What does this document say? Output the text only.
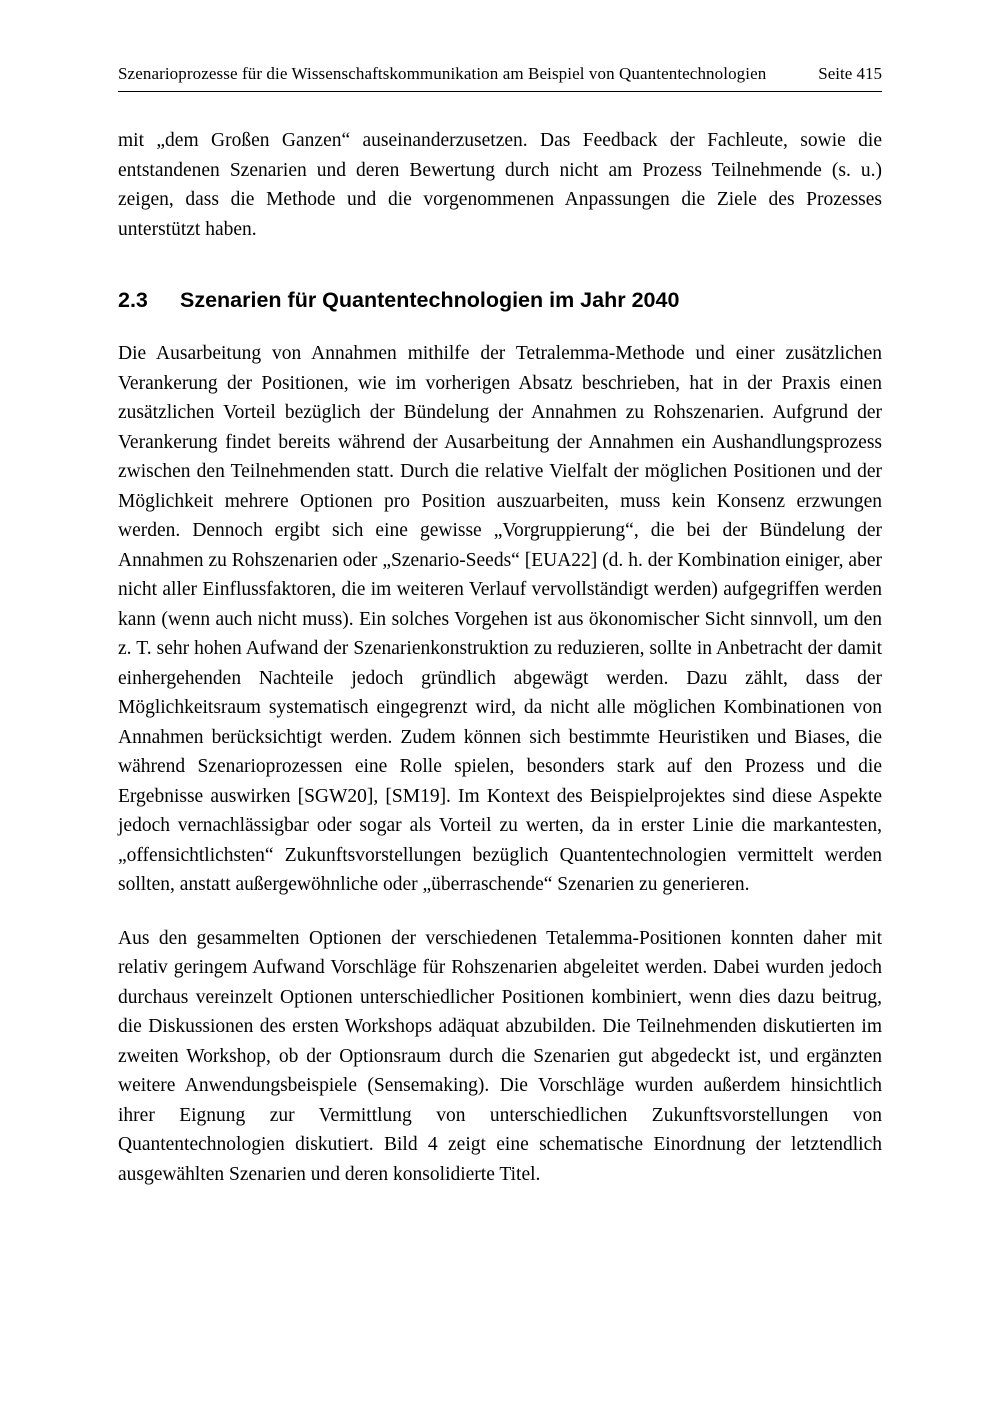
Szenarioprozesse für die Wissenschaftskommunikation am Beispiel von Quantentechnologien	Seite 415

mit „dem Großen Ganzen“ auseinanderzusetzen. Das Feedback der Fachleute, sowie die entstandenen Szenarien und deren Bewertung durch nicht am Prozess Teilnehmende (s. u.) zeigen, dass die Methode und die vorgenommenen Anpassungen die Ziele des Prozesses unterstützt haben.

2.3	Szenarien für Quantentechnologien im Jahr 2040

Die Ausarbeitung von Annahmen mithilfe der Tetralemma-Methode und einer zusätzlichen Verankerung der Positionen, wie im vorherigen Absatz beschrieben, hat in der Praxis einen zusätzlichen Vorteil bezüglich der Bündelung der Annahmen zu Rohszenarien. Aufgrund der Verankerung findet bereits während der Ausarbeitung der Annahmen ein Aushandlungsprozess zwischen den Teilnehmenden statt. Durch die relative Vielfalt der möglichen Positionen und der Möglichkeit mehrere Optionen pro Position auszuarbeiten, muss kein Konsenz erzwungen werden. Dennoch ergibt sich eine gewisse „Vorgruppierung“, die bei der Bündelung der Annahmen zu Rohszenarien oder „Szenario-Seeds“ [EUA22] (d. h. der Kombination einiger, aber nicht aller Einflussfaktoren, die im weiteren Verlauf vervollständigt werden) aufgegriffen werden kann (wenn auch nicht muss). Ein solches Vorgehen ist aus ökonomischer Sicht sinnvoll, um den z. T. sehr hohen Aufwand der Szenarienkonstruktion zu reduzieren, sollte in Anbetracht der damit einhergehenden Nachteile jedoch gründlich abgewägt werden. Dazu zählt, dass der Möglichkeitsraum systematisch eingegrenzt wird, da nicht alle möglichen Kombinationen von Annahmen berücksichtigt werden. Zudem können sich bestimmte Heuristiken und Biases, die während Szenarioprozessen eine Rolle spielen, besonders stark auf den Prozess und die Ergebnisse auswirken [SGW20], [SM19]. Im Kontext des Beispielprojektes sind diese Aspekte jedoch vernachlässigbar oder sogar als Vorteil zu werten, da in erster Linie die markantesten, „offensichtlichsten“ Zukunftsvorstellungen bezüglich Quantentechnologien vermittelt werden sollten, anstatt außergewöhnliche oder „überraschende“ Szenarien zu generieren.

Aus den gesammelten Optionen der verschiedenen Tetalemma-Positionen konnten daher mit relativ geringem Aufwand Vorschläge für Rohszenarien abgeleitet werden. Dabei wurden jedoch durchaus vereinzelt Optionen unterschiedlicher Positionen kombiniert, wenn dies dazu beitrug, die Diskussionen des ersten Workshops adäquat abzubilden. Die Teilnehmenden diskutierten im zweiten Workshop, ob der Optionsraum durch die Szenarien gut abgedeckt ist, und ergänzten weitere Anwendungsbeispiele (Sensemaking). Die Vorschläge wurden außerdem hinsichtlich ihrer Eignung zur Vermittlung von unterschiedlichen Zukunftsvorstellungen von Quantentechnologien diskutiert. Bild 4 zeigt eine schematische Einordnung der letztendlich ausgewählten Szenarien und deren konsolidierte Titel.
